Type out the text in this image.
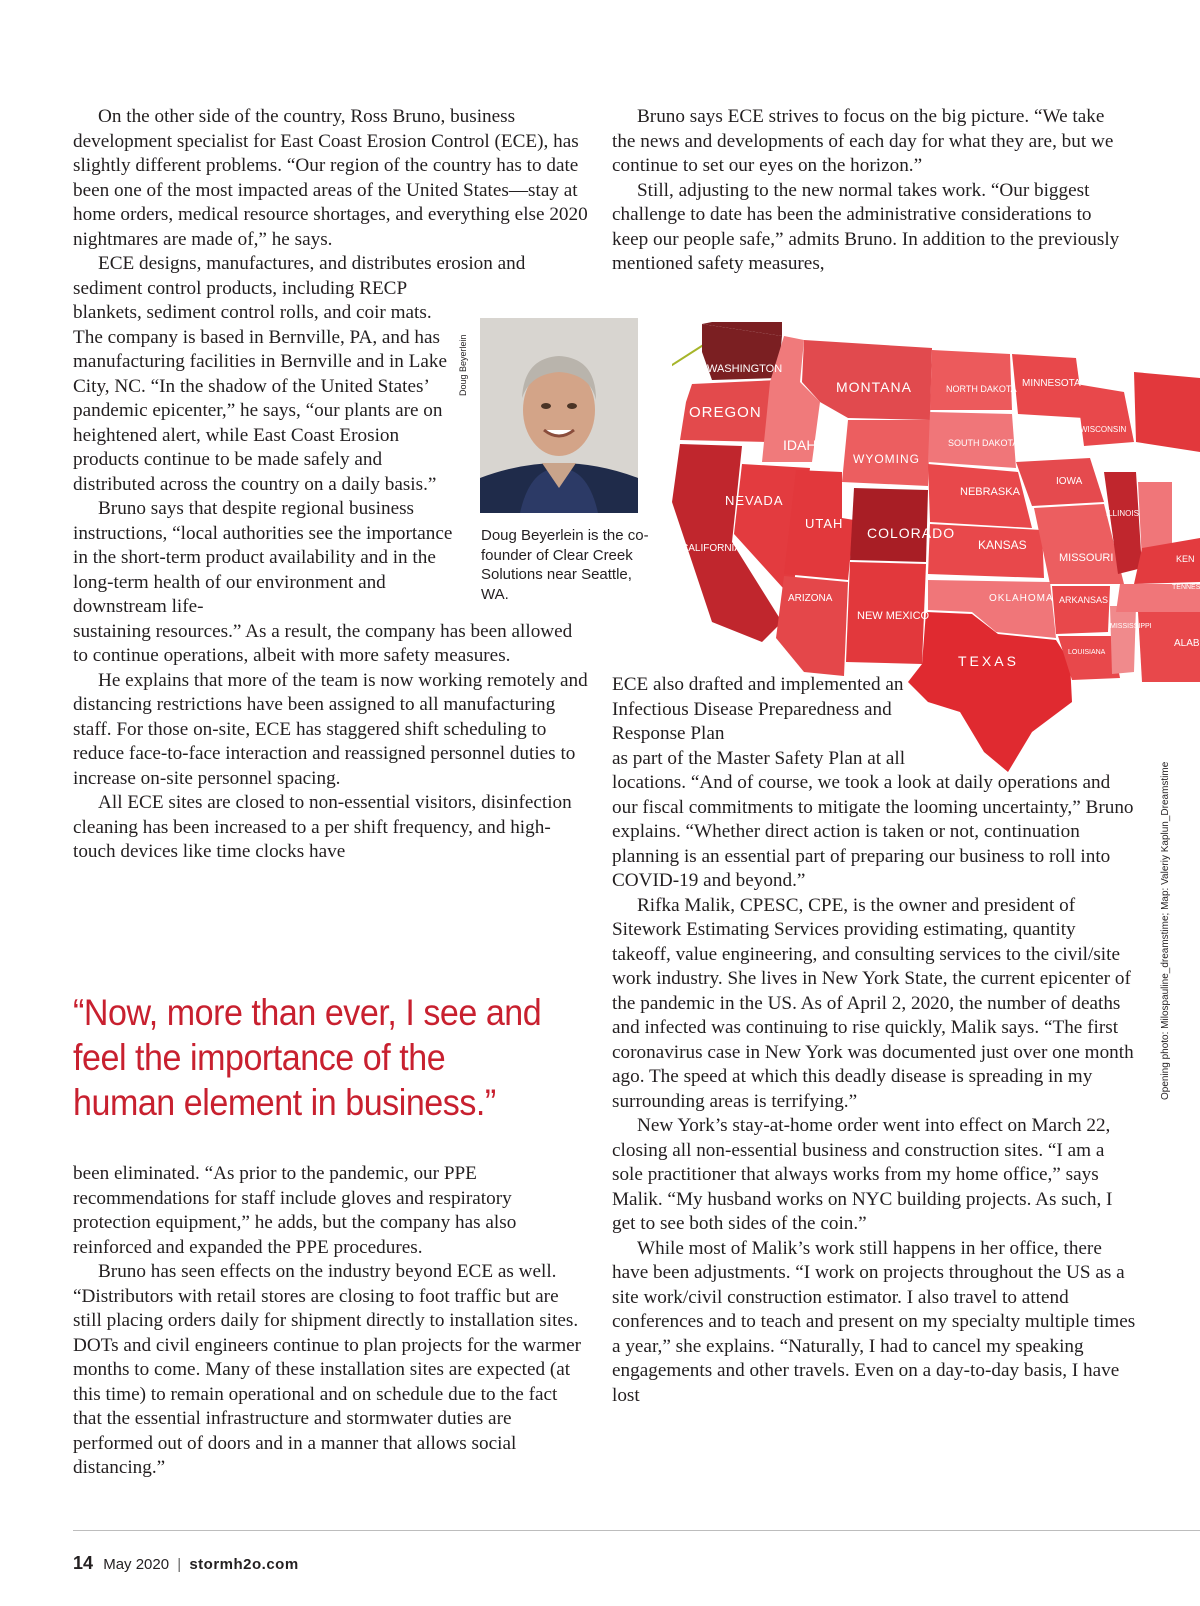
On the other side of the country, Ross Bruno, business development specialist for East Coast Erosion Control (ECE), has slightly different problems. “Our region of the country has to date been one of the most impacted areas of the United States—stay at home orders, medical resource shortages, and everything else 2020 nightmares are made of,” he says.

ECE designs, manufactures, and distributes erosion and

sediment control products, including RECP blankets, sediment control rolls, and coir mats. The company is based in Bernville, PA, and has manufacturing facilities in Bernville and in Lake City, NC. “In the shadow of the United States’ pandemic epicenter,” he says, “our plants are on heightened alert, while East Coast Erosion products continue to be made safely and distributed across the country on a daily basis.”

Bruno says that despite regional business instructions, “local authorities see the importance in the short-term product availability and in the long-term health of our environment and downstream life-

sustaining resources.” As a result, the company has been allowed to continue operations, albeit with more safety measures.

He explains that more of the team is now working remotely and distancing restrictions have been assigned to all manufacturing staff. For those on-site, ECE has staggered shift scheduling to reduce face-to-face interaction and reassigned personnel duties to increase on-site personnel spacing.

All ECE sites are closed to non-essential visitors, disinfection cleaning has been increased to a per shift frequency, and high-touch devices like time clocks have

“Now, more than ever, I see and feel the importance of the human element in business.”

been eliminated. “As prior to the pandemic, our PPE recommendations for staff include gloves and respiratory protection equipment,” he adds, but the company has also reinforced and expanded the PPE procedures.

Bruno has seen effects on the industry beyond ECE as well. “Distributors with retail stores are closing to foot traffic but are still placing orders daily for shipment directly to installation sites. DOTs and civil engineers continue to plan projects for the warmer months to come. Many of these installation sites are expected (at this time) to remain operational and on schedule due to the fact that the essential infrastructure and stormwater duties are performed out of doors and in a manner that allows social distancing.”

Doug Beyerlein
Doug Beyerlein is the co-founder of Clear Creek Solutions near Seattle, WA.

Bruno says ECE strives to focus on the big picture. “We take the news and developments of each day for what they are, but we continue to set our eyes on the horizon.”

Still, adjusting to the new normal takes work. “Our biggest challenge to date has been the administrative considerations to keep our people safe,” admits Bruno. In addition to the previously mentioned safety measures,

WASHINGTON
OREGON
CALIFORNIA
IDAHO
NEVADA
MONTANA
WYOMING
UTAH
ARIZONA
COLORADO
NEW MEXICO
NORTH DAKOTA
SOUTH DAKOTA
NEBRASKA
KANSAS
OKLAHOMA
TEXAS
MINNESOTA
IOWA
MISSOURI
ARKANSAS
LOUISIANA
WISCONSIN
ILLINOIS
MISSISSIPPI
INDIA
KEN
TENNES
ALAB

ECE also drafted and implemented an Infectious Disease Preparedness and Response Plan

as part of the Master Safety Plan at all

locations. “And of course, we took a look at daily operations and our fiscal commitments to mitigate the looming uncertainty,” Bruno explains. “Whether direct action is taken or not, continuation planning is an essential part of preparing our business to roll into COVID-19 and beyond.”

Rifka Malik, CPESC, CPE, is the owner and president of Sitework Estimating Services providing estimating, quantity takeoff, value engineering, and consulting services to the civil/site work industry. She lives in New York State, the current epicenter of the pandemic in the US. As of April 2, 2020, the number of deaths and infected was continuing to rise quickly, Malik says. “The first coronavirus case in New York was documented just over one month ago. The speed at which this deadly disease is spreading in my surrounding areas is terrifying.”

New York’s stay-at-home order went into effect on March 22, closing all non-essential business and construction sites. “I am a sole practitioner that always works from my home office,” says Malik. “My husband works on NYC building projects. As such, I get to see both sides of the coin.”

While most of Malik’s work still happens in her office, there have been adjustments. “I work on projects throughout the US as a site work/civil construction estimator. I also travel to attend conferences and to teach and present on my specialty multiple times a year,” she explains. “Naturally, I had to cancel my speaking engagements and other travels. Even on a day-to-day basis, I have lost

Opening photo: Milospauline_dreamstime; Map: Valeriy Kaplun_Dreamstime
14 May 2020 | stormh2o.com
